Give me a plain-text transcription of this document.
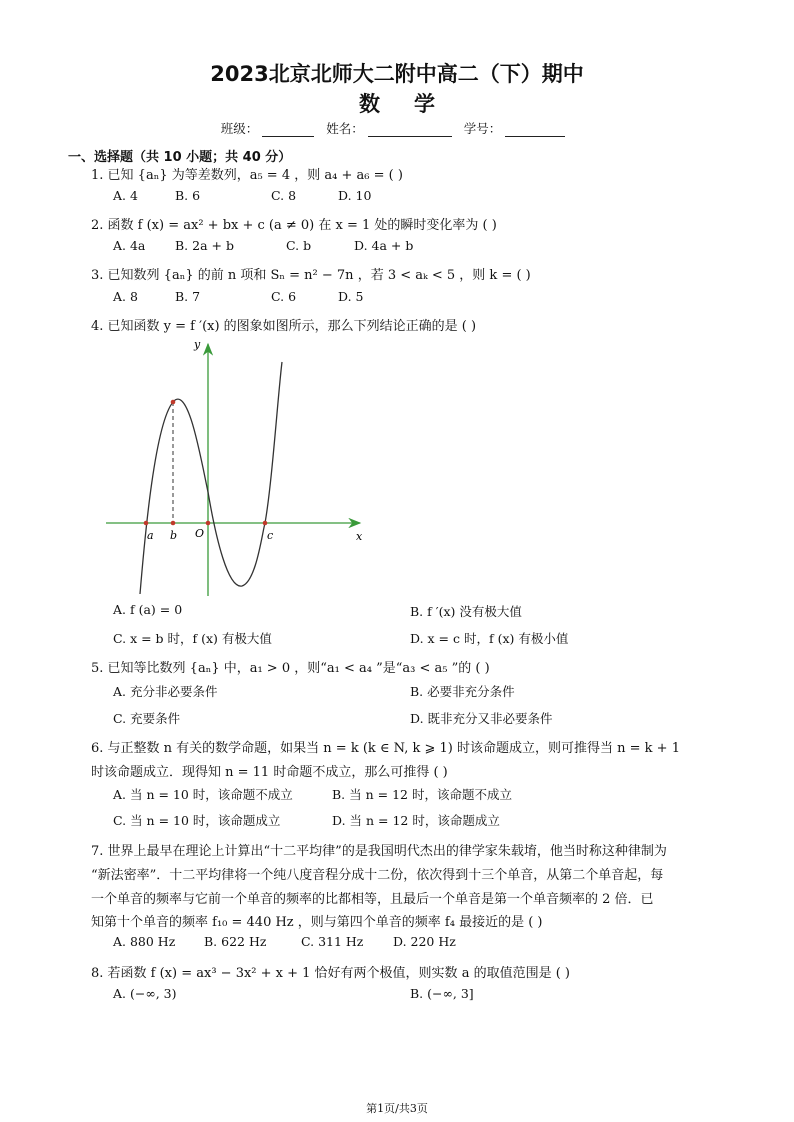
2023北京北师大二附中高二（下）期中
数学
班级：	姓名：	学号：
一、选择题（共 10 小题；共 40 分）
1. 已知 {aₙ} 为等差数列，a₅ = 4 ，则 a₄ + a₆ = ( )
A. 4	B. 6	C. 8	D. 10
2. 函数 f (x) = ax² + bx + c (a ≠ 0) 在 x = 1 处的瞬时变化率为 ( )
A. 4a B. 2a + b	C. b	D. 4a + b
3. 已知数列 {aₙ} 的前 n 项和 Sₙ = n² − 7n ，若 3 < aₖ < 5 ，则 k = ( )
A. 8	B. 7	C. 6	D. 5
4. 已知函数 y = f ′(x) 的图象如图所示，那么下列结论正确的是 ( )
y
x
O
a b	c
A. f (a) = 0	B. f ′(x) 没有极大值
C. x = b 时，f (x) 有极大值	D. x = c 时，f (x) 有极小值
5. 已知等比数列 {aₙ} 中，a₁ > 0 ，则“a₁ < a₄ ”是“a₃ < a₅ ”的 ( )
A. 充分非必要条件	B. 必要非充分条件
C. 充要条件	D. 既非充分又非必要条件
6. 与正整数 n 有关的数学命题，如果当 n = k (k ∈ N, k ⩾ 1) 时该命题成立，则可推得当 n = k + 1
时该命题成立．现得知 n = 11 时命题不成立，那么可推得 ( )
A. 当 n = 10 时，该命题不成立	B. 当 n = 12 时，该命题不成立
C. 当 n = 10 时，该命题成立	D. 当 n = 12 时，该命题成立
7. 世界上最早在理论上计算出“十二平均律”的是我国明代杰出的律学家朱载堉，他当时称这种律制为
“新法密率”．十二平均律将一个纯八度音程分成十二份，依次得到十三个单音，从第二个单音起，每
一个单音的频率与它前一个单音的频率的比都相等，且最后一个单音是第一个单音频率的 2 倍．已
知第十个单音的频率 f₁₀ = 440 Hz ，则与第四个单音的频率 f₄ 最接近的是 ( )
A. 880 Hz B. 622 Hz	C. 311 Hz D. 220 Hz
8. 若函数 f (x) = ax³ − 3x² + x + 1 恰好有两个极值，则实数 a 的取值范围是 ( )
A. (−∞, 3)	B. (−∞, 3]
第1页/共3页
